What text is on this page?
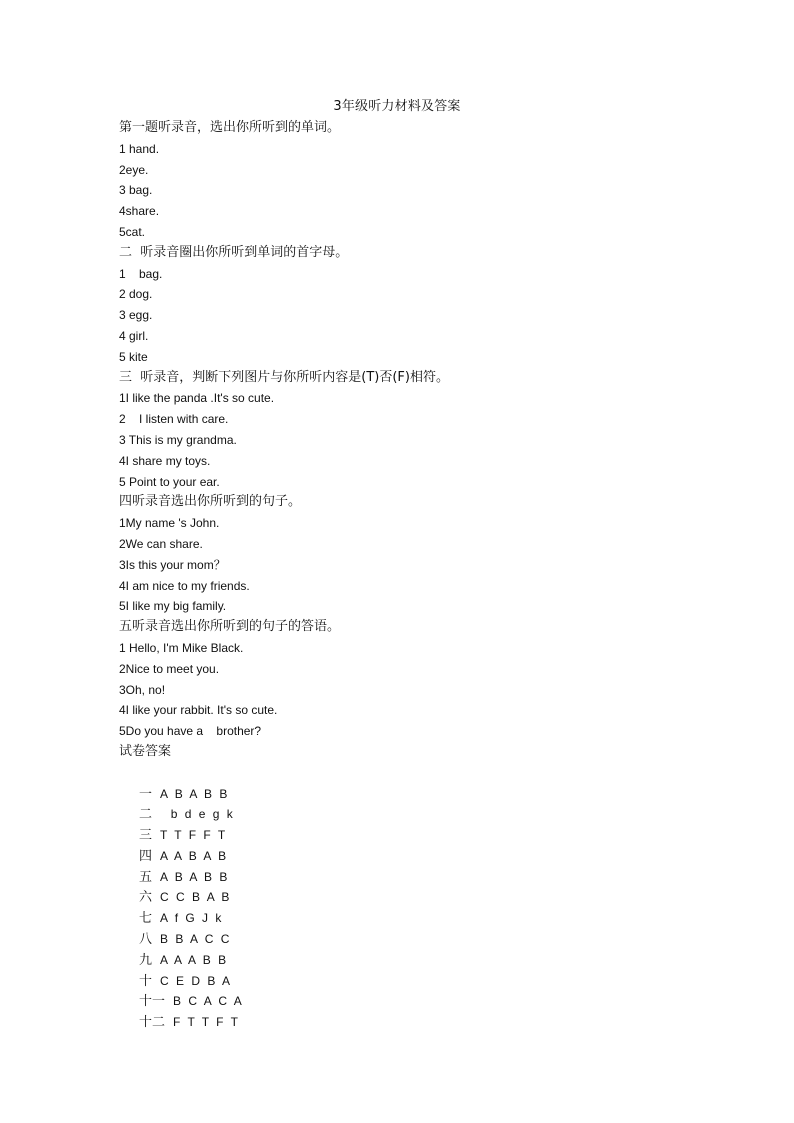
3年级听力材料及答案
第一题听录音，选出你所听到的单词。
1 hand.
2eye.
3 bag.
4share.
5cat.
二  听录音圈出你所听到单词的首字母。
1    bag.
2 dog.
3 egg.
4 girl.
5 kite
三  听录音，判断下列图片与你所听内容是(T)否(F)相符。
1I like the panda .It's so cute.
2    I listen with care.
3 This is my grandma.
4I share my toys.
5 Point to your ear.
四听录音选出你所听到的句子。
1My name 's John.
2We can share.
3Is this your mom？
4I am nice to my friends.
5I like my big family.
五听录音选出你所听到的句子的答语。
1 Hello, I'm Mike Black.
2Nice to meet you.
3Oh, no!
4I like your rabbit. It's so cute.
5Do you have a    brother?
试卷答案

一 A B A B B

二  b d e g k

三 T T F F T

四 A A B A B

五 A B A B B

六 C C B A B

七 A f G J k

八 B B A C C

九 A A A B B

十 C E D B A

十一 B C A C A

十二 F T T F T
